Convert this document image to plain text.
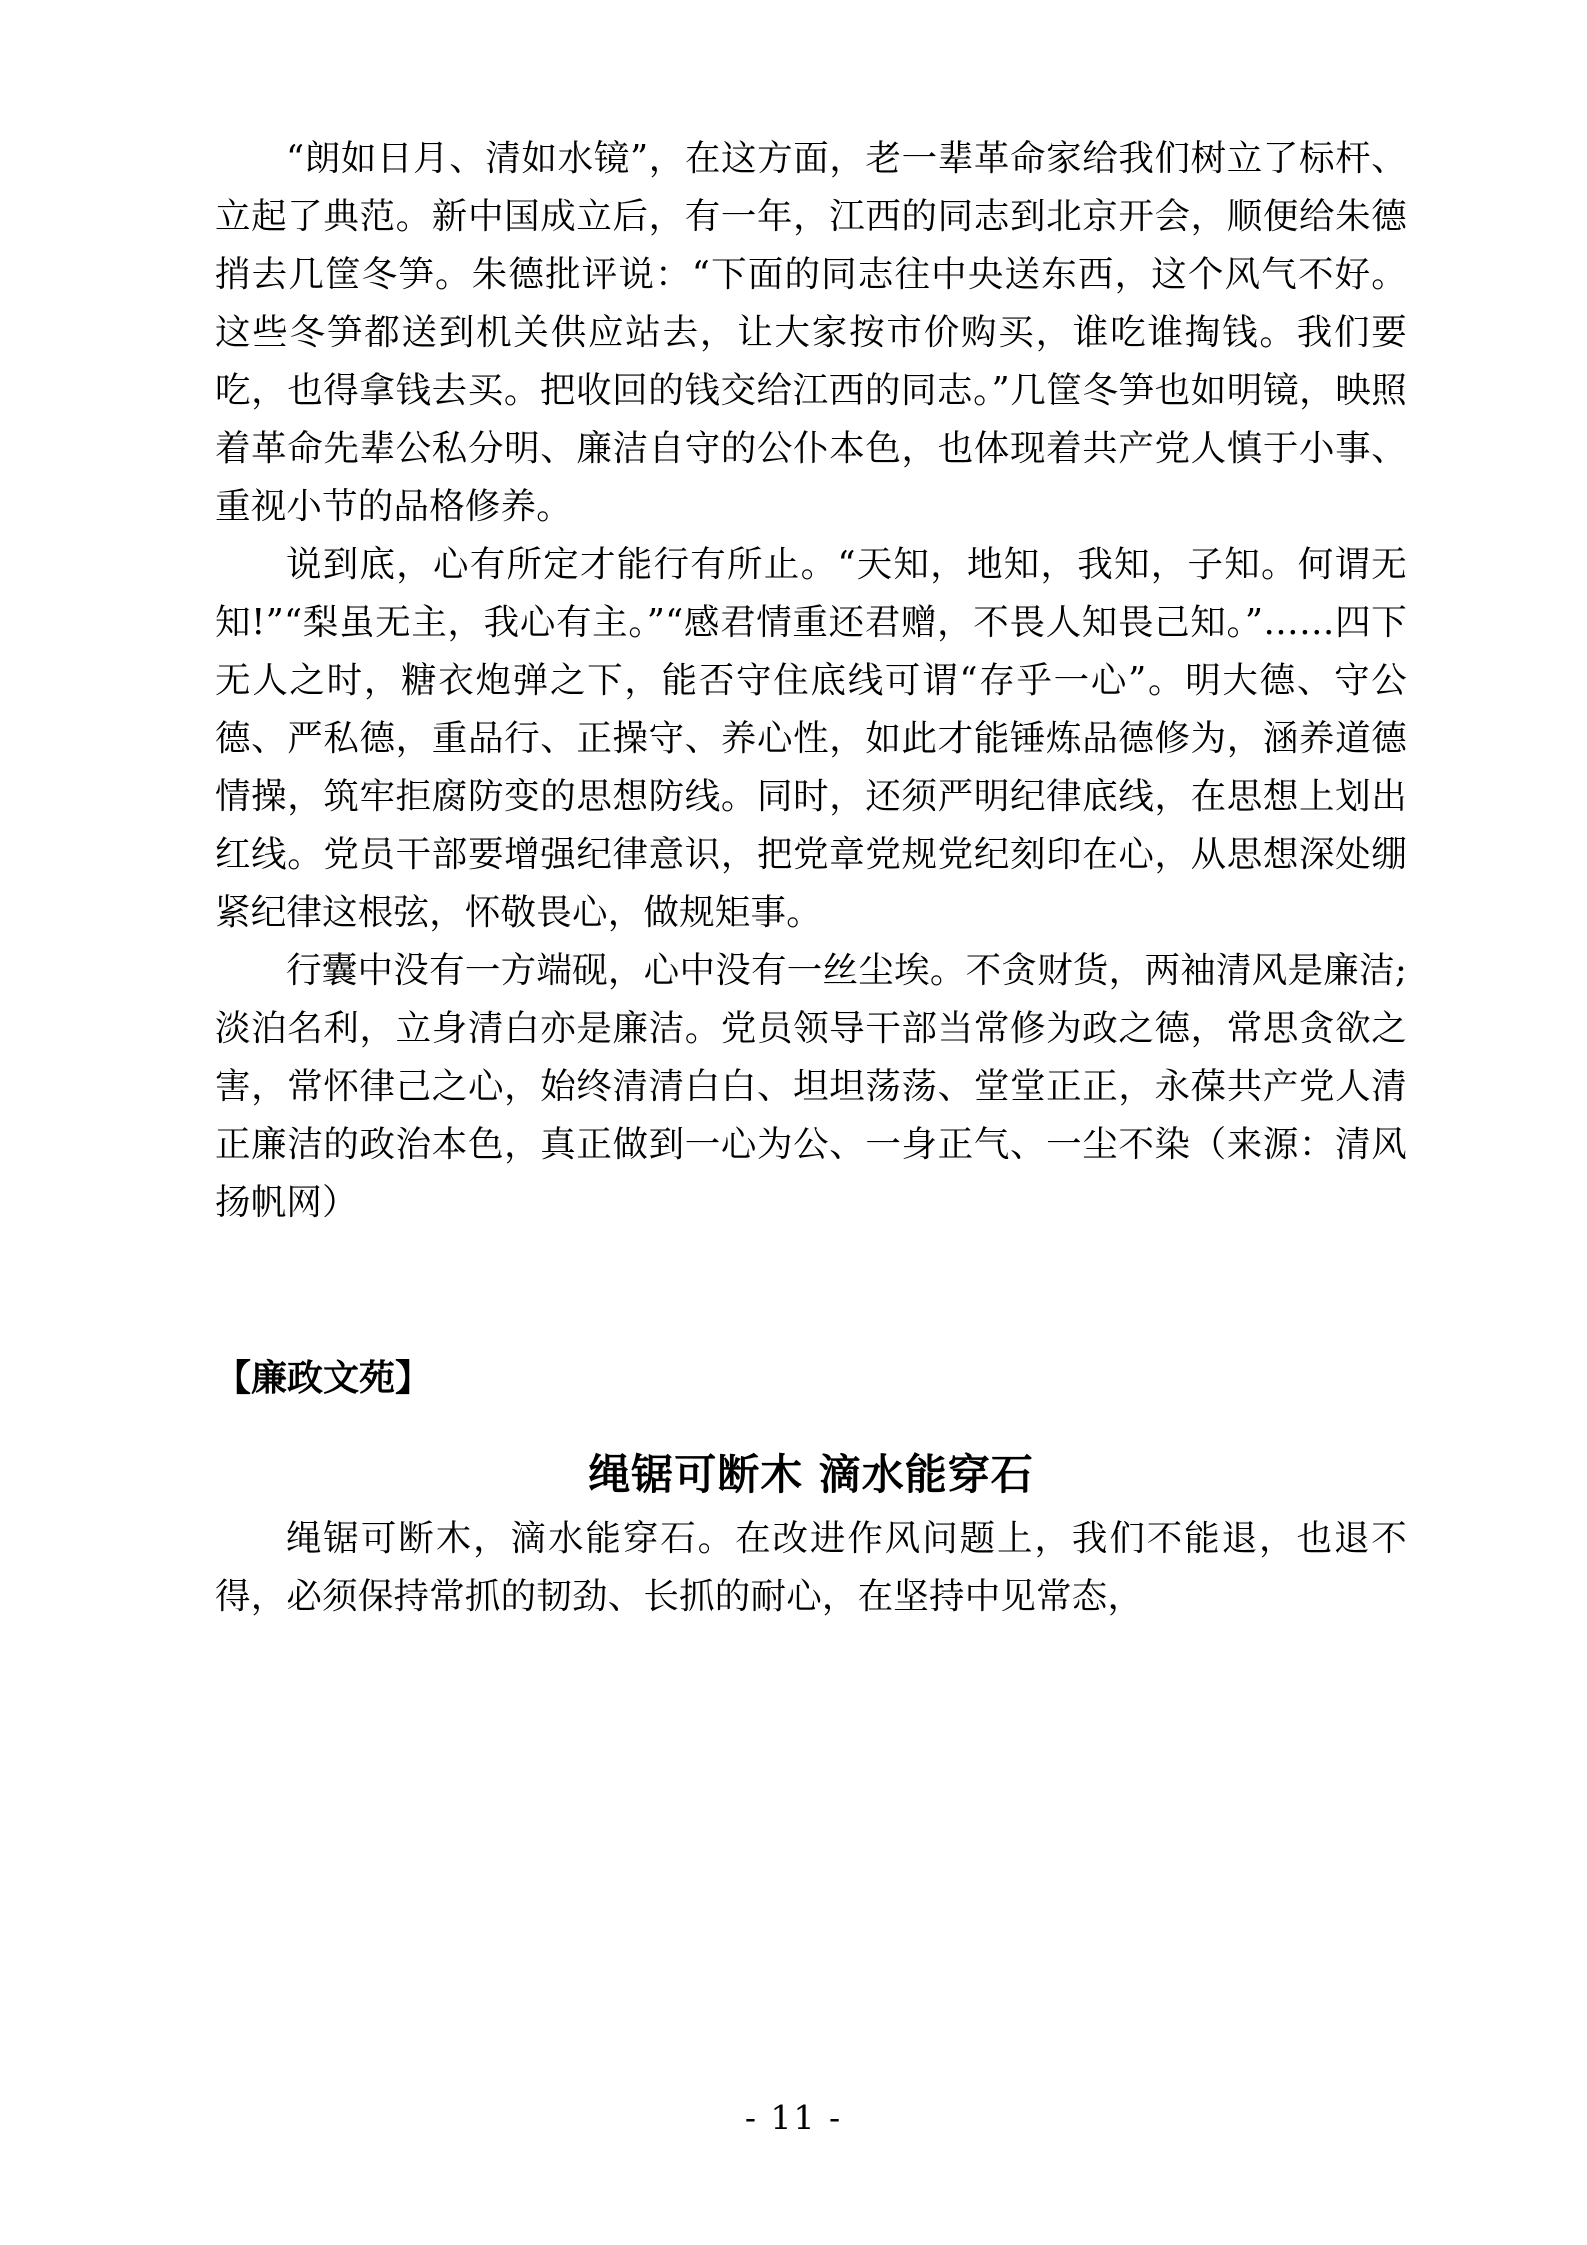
“朗如日月、清如水镜”，在这方面，老一辈革命家给我们树立了标杆、立起了典范。新中国成立后，有一年，江西的同志到北京开会，顺便给朱德捎去几筐冬笋。朱德批评说：“下面的同志往中央送东西，这个风气不好。这些冬笋都送到机关供应站去，让大家按市价购买，谁吃谁掏钱。我们要吃，也得拿钱去买。把收回的钱交给江西的同志。”几筐冬笋也如明镜，映照着革命先辈公私分明、廉洁自守的公仆本色，也体现着共产党人慎于小事、重视小节的品格修养。

说到底，心有所定才能行有所止。“天知，地知，我知，子知。何谓无知!”“梨虽无主，我心有主。”“感君情重还君赠，不畏人知畏己知。”……四下无人之时，糖衣炮弹之下，能否守住底线可谓“存乎一心”。明大德、守公德、严私德，重品行、正操守、养心性，如此才能锤炼品德修为，涵养道德情操，筑牢拒腐防变的思想防线。同时，还须严明纪律底线，在思想上划出红线。党员干部要增强纪律意识，把党章党规党纪刻印在心，从思想深处绷紧纪律这根弦，怀敬畏心，做规矩事。

行囊中没有一方端砚，心中没有一丝尘埃。不贪财货，两袖清风是廉洁;淡泊名利，立身清白亦是廉洁。党员领导干部当常修为政之德，常思贪欲之害，常怀律己之心，始终清清白白、坦坦荡荡、堂堂正正，永葆共产党人清正廉洁的政治本色，真正做到一心为公、一身正气、一尘不染（来源：清风扬帆网）

【廉政文苑】
绳锯可断木 滴水能穿石

绳锯可断木，滴水能穿石。在改进作风问题上，我们不能退，也退不得，必须保持常抓的韧劲、长抓的耐心，在坚持中见常态，

- 11 -
